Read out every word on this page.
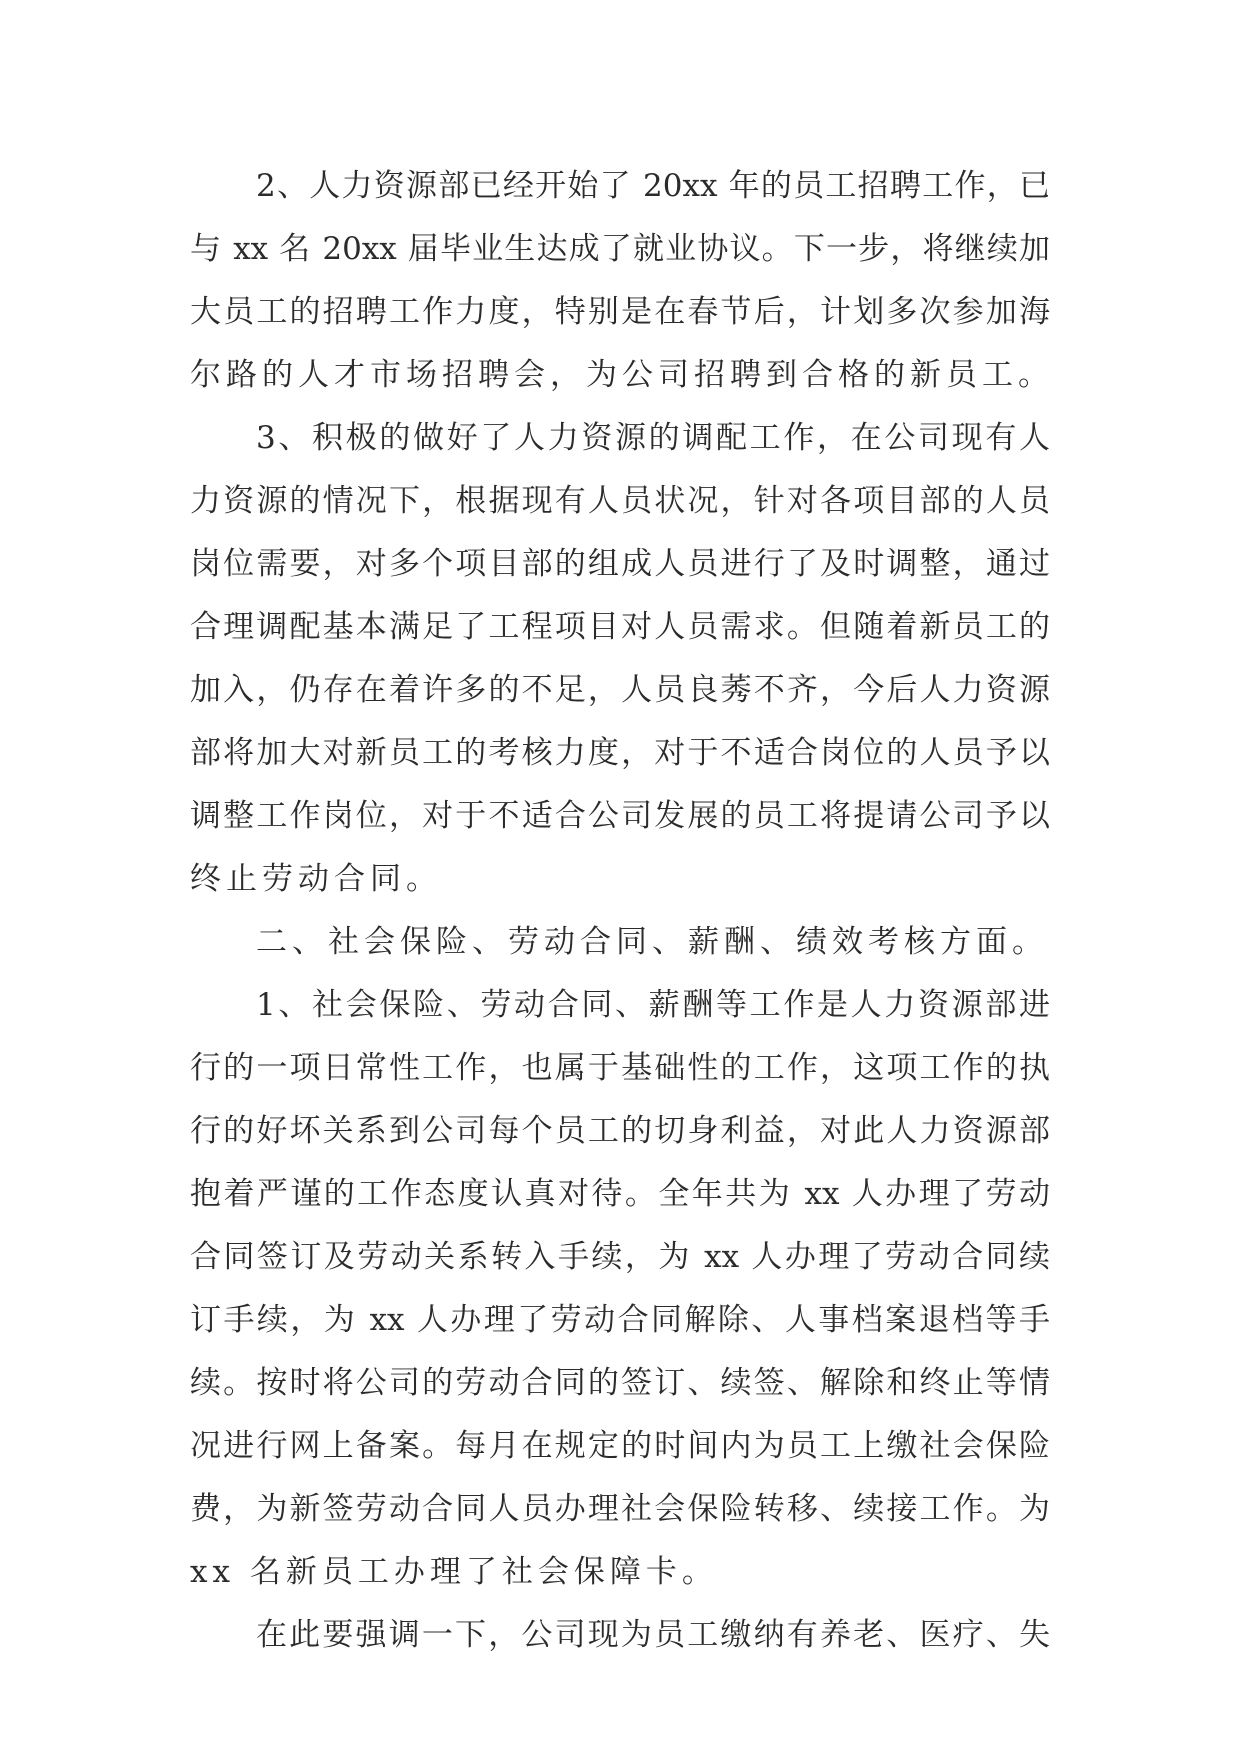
2、人力资源部已经开始了 20xx 年的员工招聘工作，已
与 xx 名 20xx 届毕业生达成了就业协议。下一步，将继续加
大员工的招聘工作力度，特别是在春节后，计划多次参加海
尔路的人才市场招聘会，为公司招聘到合格的新员工。
3、积极的做好了人力资源的调配工作，在公司现有人
力资源的情况下，根据现有人员状况，针对各项目部的人员
岗位需要，对多个项目部的组成人员进行了及时调整，通过
合理调配基本满足了工程项目对人员需求。但随着新员工的
加入，仍存在着许多的不足，人员良莠不齐，今后人力资源
部将加大对新员工的考核力度，对于不适合岗位的人员予以
调整工作岗位，对于不适合公司发展的员工将提请公司予以
终止劳动合同。
二、社会保险、劳动合同、薪酬、绩效考核方面。
1、社会保险、劳动合同、薪酬等工作是人力资源部进
行的一项日常性工作，也属于基础性的工作，这项工作的执
行的好坏关系到公司每个员工的切身利益，对此人力资源部
抱着严谨的工作态度认真对待。全年共为 xx 人办理了劳动
合同签订及劳动关系转入手续，为 xx 人办理了劳动合同续
订手续，为 xx 人办理了劳动合同解除、人事档案退档等手
续。按时将公司的劳动合同的签订、续签、解除和终止等情
况进行网上备案。每月在规定的时间内为员工上缴社会保险
费，为新签劳动合同人员办理社会保险转移、续接工作。为
xx 名新员工办理了社会保障卡。
在此要强调一下，公司现为员工缴纳有养老、医疗、失
